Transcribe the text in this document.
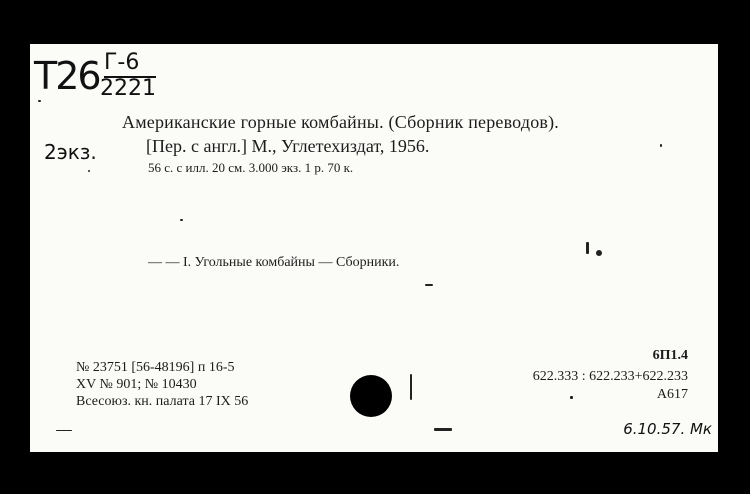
Т26 Г-6
2221
2экз.
Американские горные комбайны. (Сборник переводов).
[Пер. с англ.] М., Углетехиздат, 1956.
56 с. с илл. 20 см. 3.000 экз. 1 р. 70 к.
— — I. Угольные комбайны — Сборники.
№ 23751 [56-48196] п 16-5
XV № 901; № 10430
Всесоюз. кн. палата 17 IX 56
6П1.4
622.333 : 622.233+622.233
A617
6.10.57. Мк
